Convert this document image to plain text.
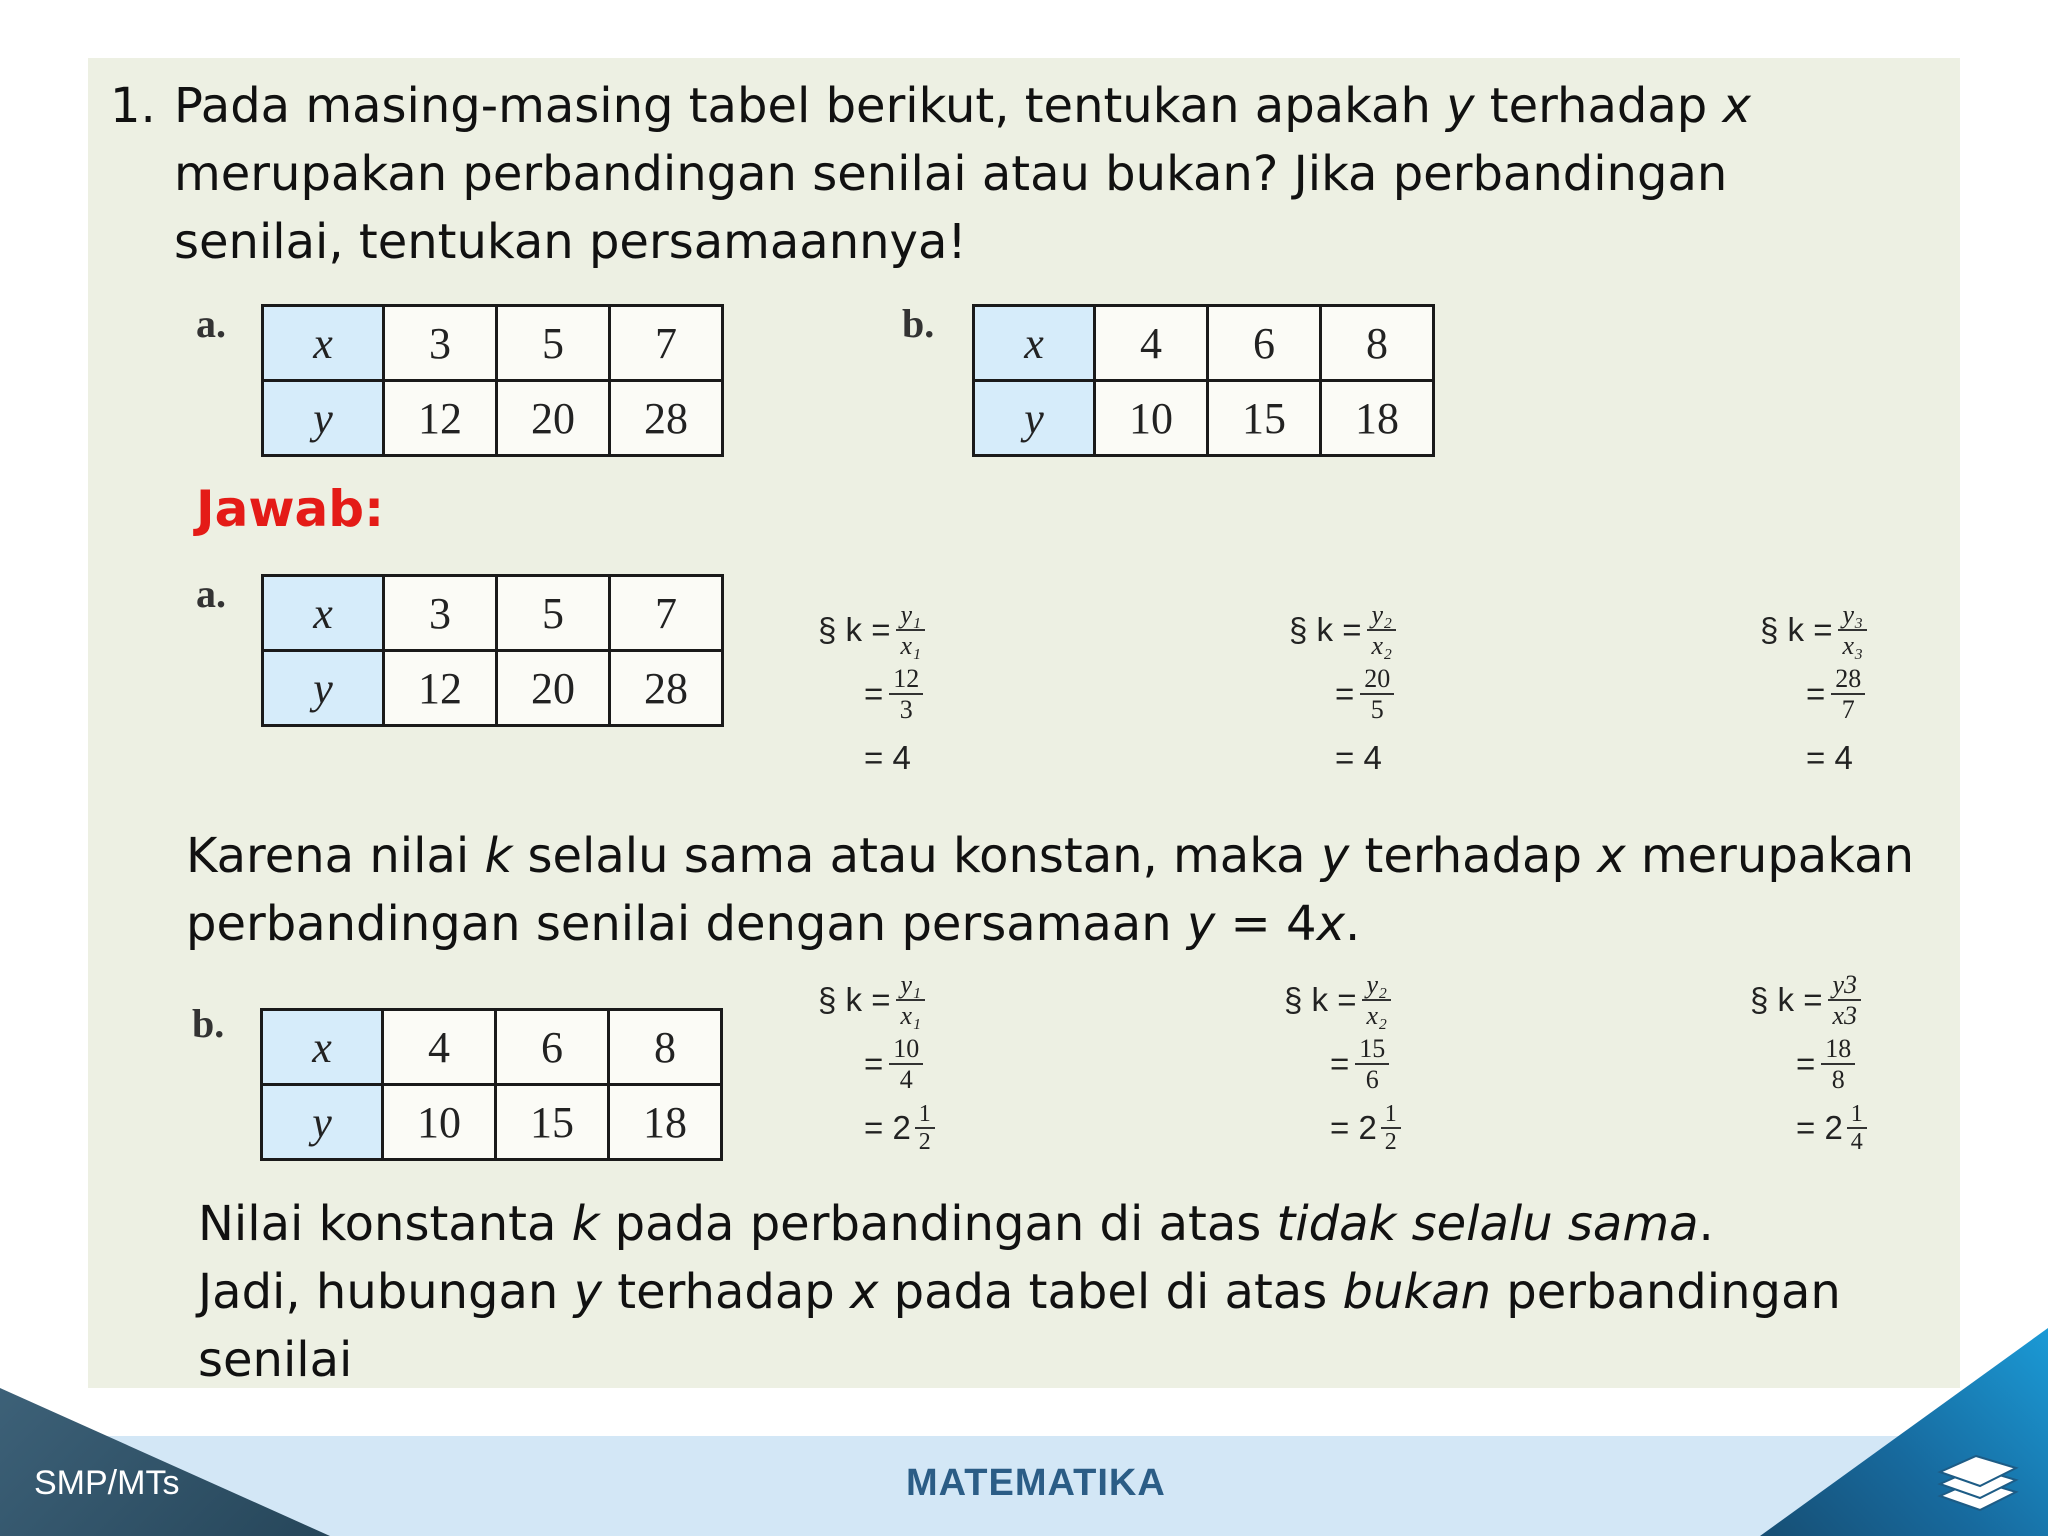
1. Pada masing-masing tabel berikut, tentukan apakah y terhadap x
merupakan perbandingan senilai atau bukan? Jika perbandingan senilai, tentukan persamaannya!
a. x	3	5	7
y	12	20	28
b. x	4	6	8
y	10	15	18
Jawab:
a. x	3	5	7
y	12	20	28
§ $k = \frac{\text{y₁}}{\text{x₁}}$
= $\frac{12}{3}$
= 4
§ $k = \frac{\text{y₂}}{\text{x₂}}$
= $\frac{20}{5}$
= 4
§ $k = \frac{\text{y₃}}{\text{x₃}}$
= $\frac{28}{7}$
= 4
Karena nilai k selalu sama atau konstan, maka y terhadap x merupakan
perbandingan senilai dengan persamaan y = 4x.
b. x	4	6	8
y	10	15	18
§ $k = \frac{\text{y₁}}{\text{x₁}}$
= $\frac{10}{4}$
= $2 \frac{1}{2}$
§ $k = \frac{\text{y₂}}{\text{x₂}}$
= $\frac{15}{6}$
= $2 \frac{1}{2}$
§ $k = \frac{y3}{x3}$
= $\frac{18}{8}$
= $2 \frac{1}{4}$
Nilai konstanta k pada perbandingan di atas tidak selalu sama.
Jadi, hubungan y terhadap x pada tabel di atas bukan perbandingan senilai
SMP/MTs	MATEMATIKA
